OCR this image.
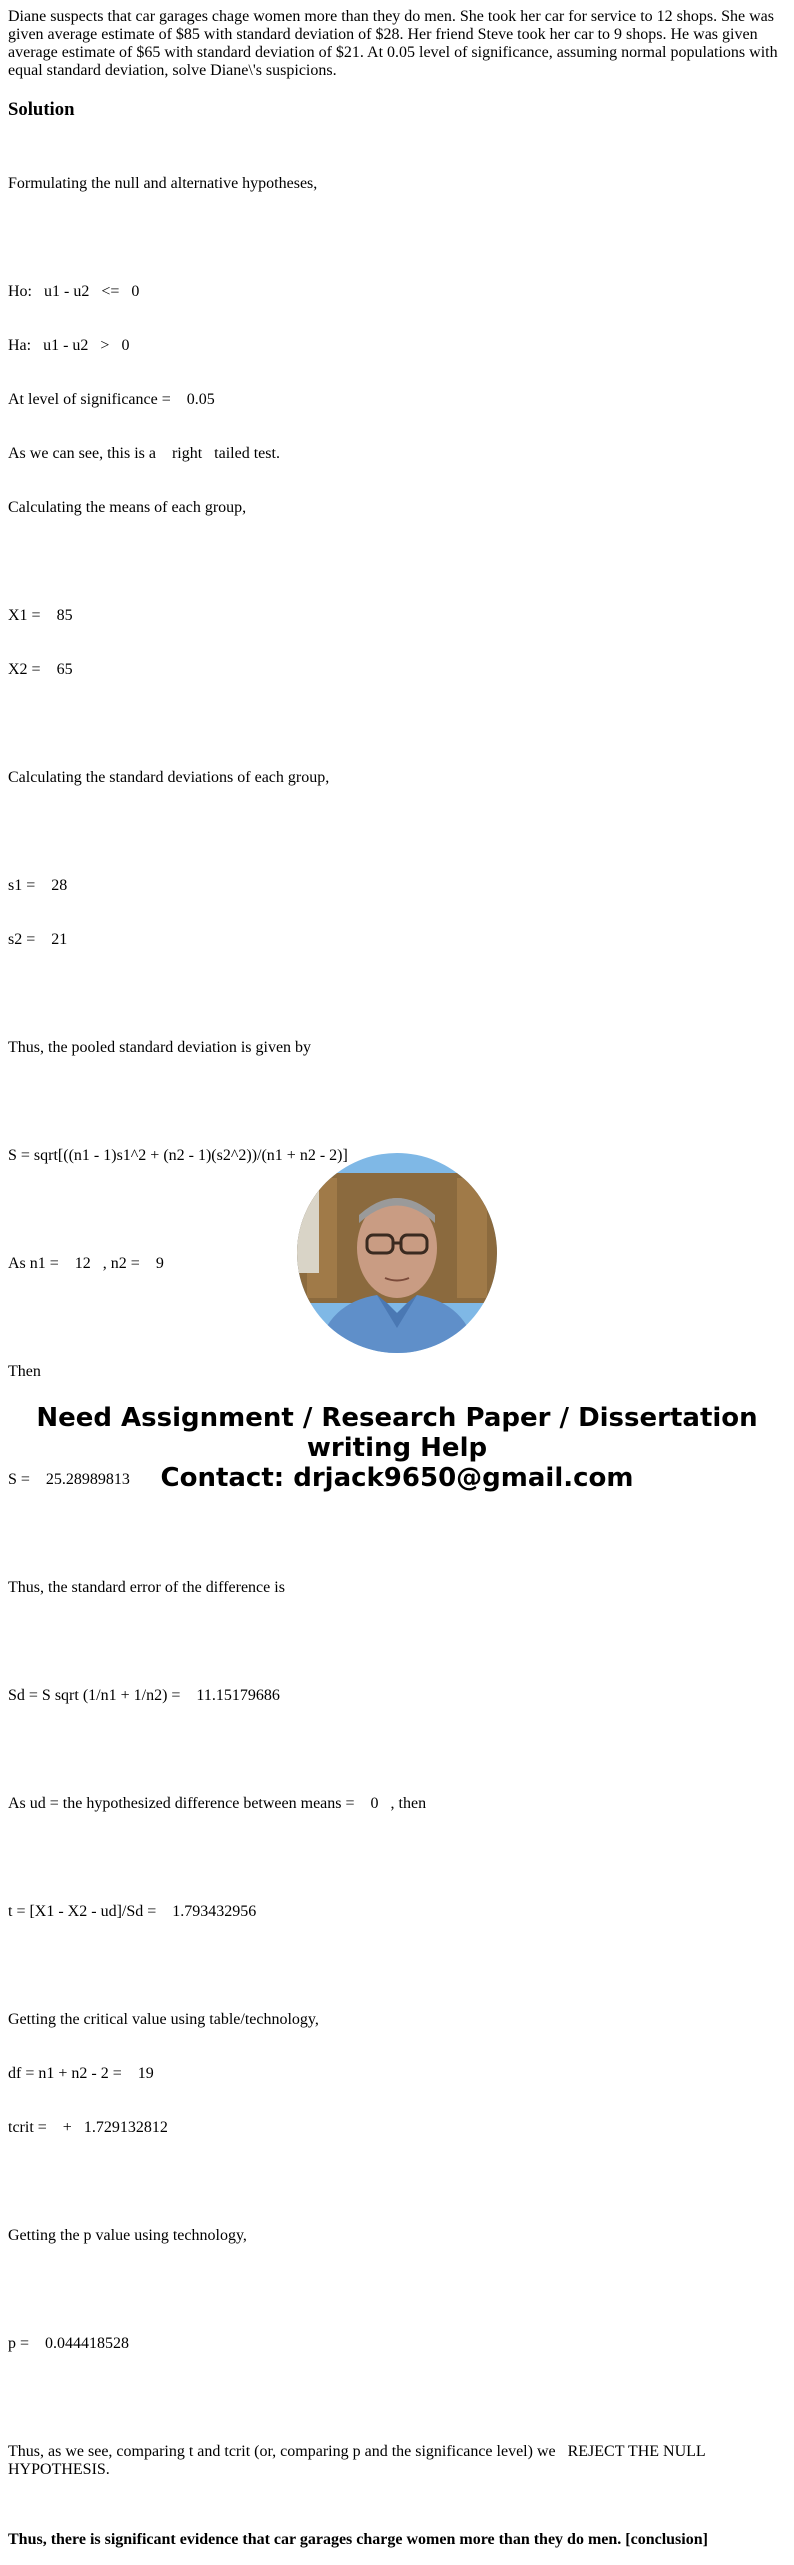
Diane suspects that car garages chage women more than they do men. She took her car for service to 12 shops. She was given average estimate of $85 with standard deviation of $28. Her friend Steve took her car to 9 shops. He was given average estimate of $65 with standard deviation of $21. At 0.05 level of significance, assuming normal populations with equal standard deviation, solve Diane\'s suspicions.

Solution

Formulating the null and alternative hypotheses,

Ho:   u1 - u2   <=   0

Ha:   u1 - u2   >   0

At level of significance =    0.05

As we can see, this is a    right   tailed test.

Calculating the means of each group,

X1 =    85

X2 =    65

Calculating the standard deviations of each group,

s1 =    28

s2 =    21

Thus, the pooled standard deviation is given by

S = sqrt[((n1 - 1)s1^2 + (n2 - 1)(s2^2))/(n1 + n2 - 2)]

As n1 =    12   , n2 =    9

Then

S =    25.28989813

Thus, the standard error of the difference is

Sd = S sqrt (1/n1 + 1/n2) =    11.15179686

As ud = the hypothesized difference between means =    0   , then

t = [X1 - X2 - ud]/Sd =    1.793432956

Getting the critical value using table/technology,

df = n1 + n2 - 2 =    19

tcrit =    +   1.729132812

Getting the p value using technology,

p =    0.044418528

Thus, as we see, comparing t and tcrit (or, comparing p and the significance level) we   REJECT THE NULL HYPOTHESIS.

Thus, there is significant evidence that car garages charge women more than they do men. [conclusion]

Need Assignment / Research Paper / Dissertation
writing Help
Contact: drjack9650@gmail.com
